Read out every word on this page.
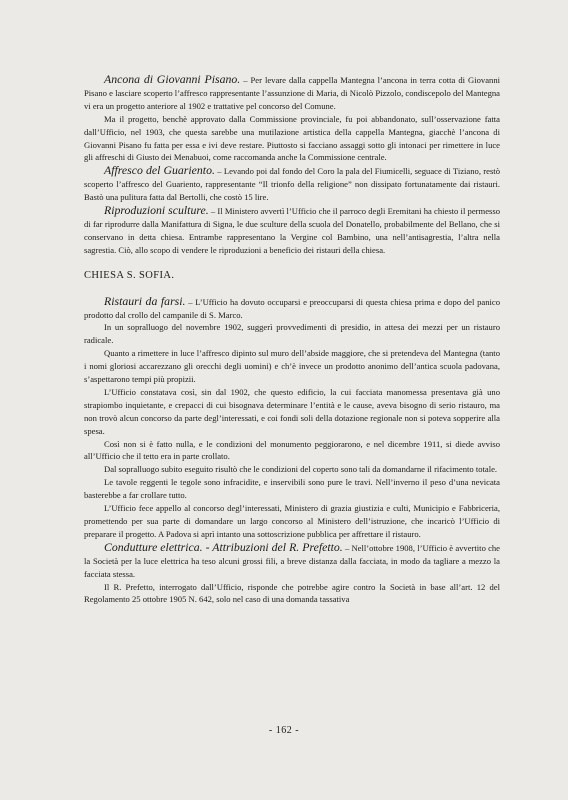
Ancona di Giovanni Pisano. – Per levare dalla cappella Mantegna l’ancona in terra cotta di Giovanni Pisano e lasciare scoperto l’affresco rappresentante l’assunzione di Maria, di Nicolò Pizzolo, condiscepolo del Mantegna vi era un progetto anteriore al 1902 e trattative pel concorso del Comune.

Ma il progetto, benchè approvato dalla Commissione provinciale, fu poi abbandonato, sull’osservazione fatta dall’Ufficio, nel 1903, che questa sarebbe una mutilazione artistica della cappella Mantegna, giacchè l’ancona di Giovanni Pisano fu fatta per essa e ivi deve restare. Piuttosto si facciano assaggi sotto gli intonaci per rimettere in luce gli affreschi di Giusto dei Menabuoi, come raccomanda anche la Commissione centrale.

Affresco del Guariento. – Levando poi dal fondo del Coro la pala del Fiumicelli, seguace di Tiziano, restò scoperto l’affresco del Guariento, rappresentante “Il trionfo della religione” non dissipato fortunatamente dai ristauri. Bastò una pulitura fatta dal Bertolli, che costò 15 lire.

Riproduzioni sculture. – Il Ministero avvertì l’Ufficio che il parroco degli Eremitani ha chiesto il permesso di far riprodurre dalla Manifattura di Signa, le due sculture della scuola del Donatello, probabilmente del Bellano, che si conservano in detta chiesa. Entrambe rappresentano la Vergine col Bambino, una nell’antisagrestia, l’altra nella sagrestia. Ciò, allo scopo di vendere le riproduzioni a beneficio dei ristauri della chiesa.

CHIESA S. SOFIA.

Ristauri da farsi. – L’Ufficio ha dovuto occuparsi e preoccuparsi di questa chiesa prima e dopo del panico prodotto dal crollo del campanile di S. Marco.

In un sopralluogo del novembre 1902, suggerì provvedimenti di presidio, in attesa dei mezzi per un ristauro radicale.

Quanto a rimettere in luce l’affresco dipinto sul muro dell’abside maggiore, che si pretendeva del Mantegna (tanto i nomi gloriosi accarezzano gli orecchi degli uomini) e ch’è invece un prodotto anonimo dell’antica scuola padovana, s’aspettarono tempi più propizii.

L’Ufficio constatava così, sin dal 1902, che questo edificio, la cui facciata manomessa presentava già uno strapiombo inquietante, e crepacci di cui bisognava determinare l’entità e le cause, aveva bisogno di serio ristauro, ma non trovò alcun concorso da parte degl’interessati, e coi fondi soli della dotazione regionale non si poteva sopperire alla spesa.

Così non si è fatto nulla, e le condizioni del monumento peggiorarono, e nel dicembre 1911, si diede avviso all’Ufficio che il tetto era in parte crollato.

Dal sopralluogo subito eseguito risultò che le condizioni del coperto sono tali da domandarne il rifacimento totale.

Le tavole reggenti le tegole sono infracidite, e inservibili sono pure le travi. Nell’inverno il peso d’una nevicata basterebbe a far crollare tutto.

L’Ufficio fece appello al concorso degl’interessati, Ministero di grazia giustizia e culti, Municipio e Fabbriceria, promettendo per sua parte di domandare un largo concorso al Ministero dell’istruzione, che incaricò l’Ufficio di preparare il progetto. A Padova si aprì intanto una sottoscrizione pubblica per affrettare il ristauro.

Condutture elettrica. - Attribuzioni del R. Prefetto. – Nell’ottobre 1908, l’Ufficio è avvertito che la Società per la luce elettrica ha teso alcuni grossi fili, a breve distanza dalla facciata, in modo da tagliare a mezzo la facciata stessa.

Il R. Prefetto, interrogato dall’Ufficio, risponde che potrebbe agire contro la Società in base all’art. 12 del Regolamento 25 ottobre 1905 N. 642, solo nel caso di una domanda tassativa

- 162 -
